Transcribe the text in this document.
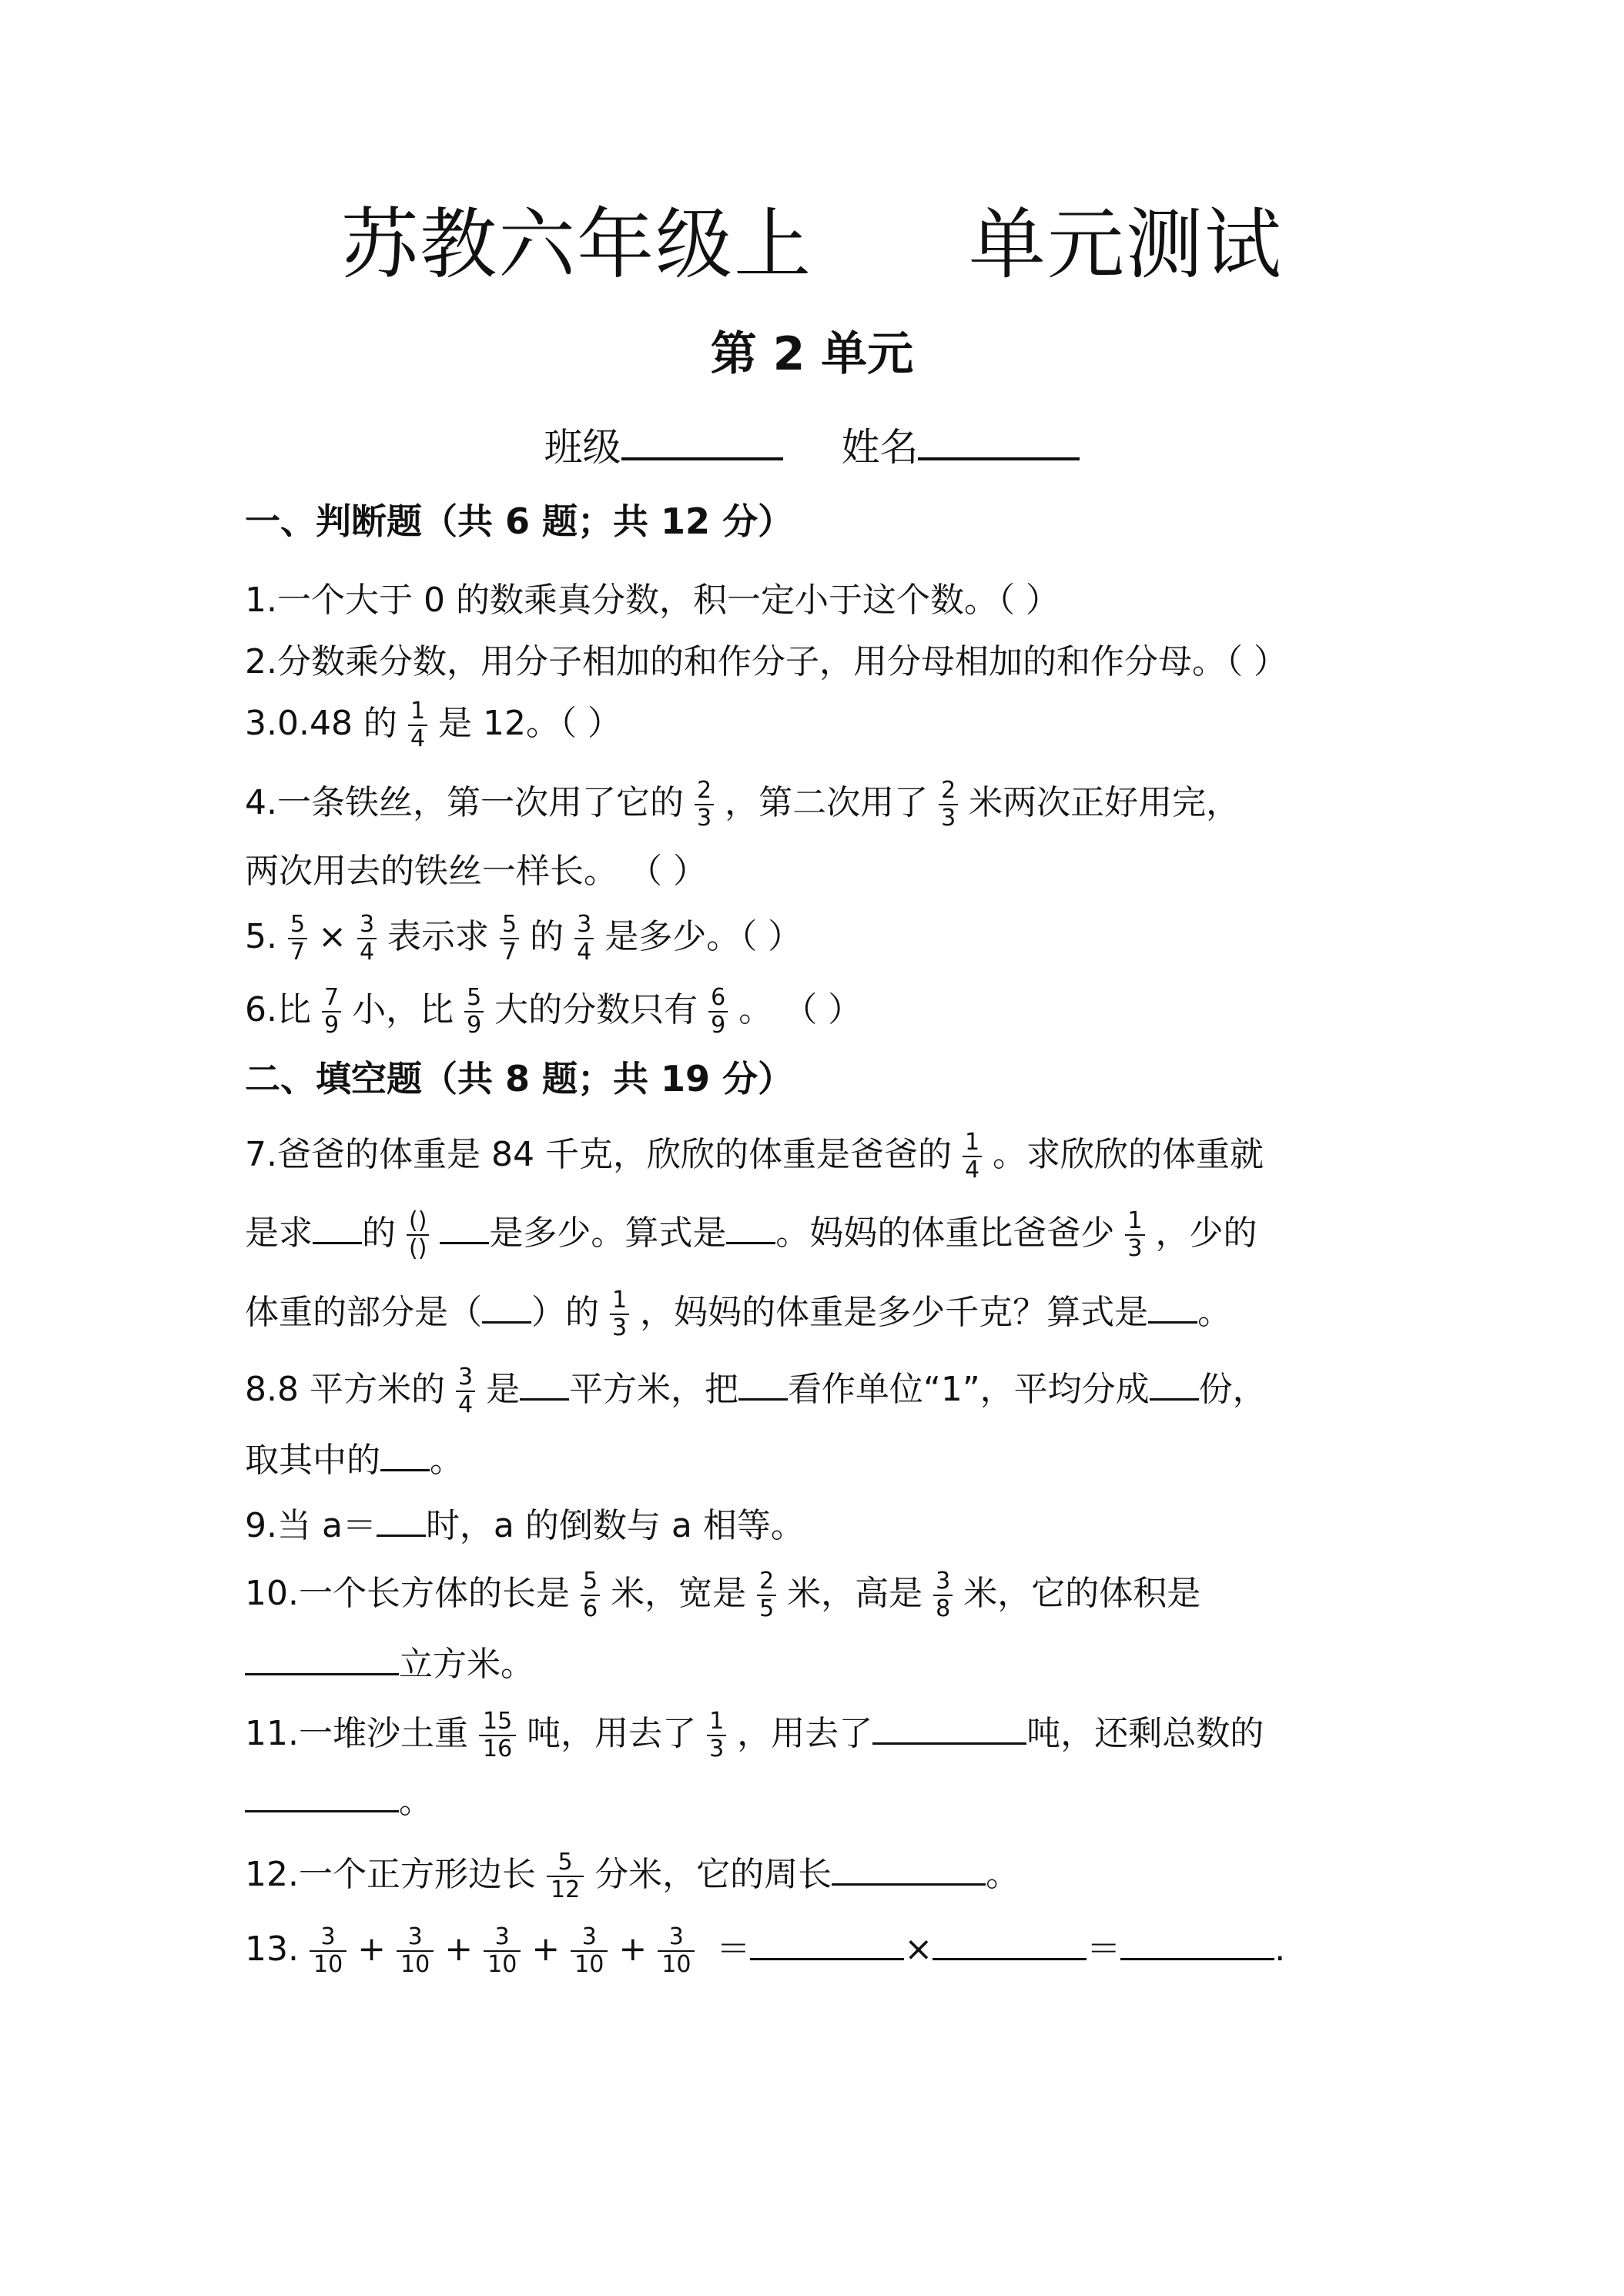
苏教六年级上      单元测试
第 2 单元
班级	姓名
一、判断题（共 6 题；共 12 分）
1.一个大于 0 的数乘真分数，积一定小于这个数。（ ）
2.分数乘分数，用分子相加的和作分子，用分母相加的和作分母。（ ）
3.0.48 的 $\frac{1}{4}$ 是 12。（ ）
4.一条铁丝，第一次用了它的 $\frac{2}{3}$ ，第二次用了 $\frac{2}{3}$ 米两次正好用完，
两次用去的铁丝一样长。 （ ）
5. $\frac{5}{7} \times \frac{3}{4}$ 表示求 $\frac{5}{7}$ 的 $\frac{3}{4}$ 是多少。（ ）
6.比 $\frac{7}{9}$ 小，比 $\frac{5}{9}$ 大的分数只有 $\frac{6}{9}$ 。 （ ）
二、填空题（共 8 题；共 19 分）
7.爸爸的体重是 84 千克，欣欣的体重是爸爸的 $\frac{1}{4}$ 。求欣欣的体重就
是求 的 $\frac{()}{()}$ 是多少。算式是 。妈妈的体重比爸爸少 $\frac{1}{3}$ ，少的
体重的部分是（ ）的 $\frac{1}{3}$ ，妈妈的体重是多少千克？算式是 。
8.8 平方米的 $\frac{3}{4}$ 是 平方米，把 看作单位“1”，平均分成 份，
取其中的 。
9.当 a＝ 时，a 的倒数与 a 相等。
10.一个长方体的长是 $\frac{5}{6}$ 米，宽是 $\frac{2}{5}$ 米，高是 $\frac{3}{8}$ 米，它的体积是
立方米。
11.一堆沙土重 $\frac{15}{16}$ 吨，用去了 $\frac{1}{3}$ ，用去了	吨，还剩总数的
。
12.一个正方形边长 $\frac{5}{12}$ 分米，它的周长	。
13. $\frac{3}{10} + \frac{3}{10} + \frac{3}{10} + \frac{3}{10} + \frac{3}{10}$ ＝	×	＝	.
